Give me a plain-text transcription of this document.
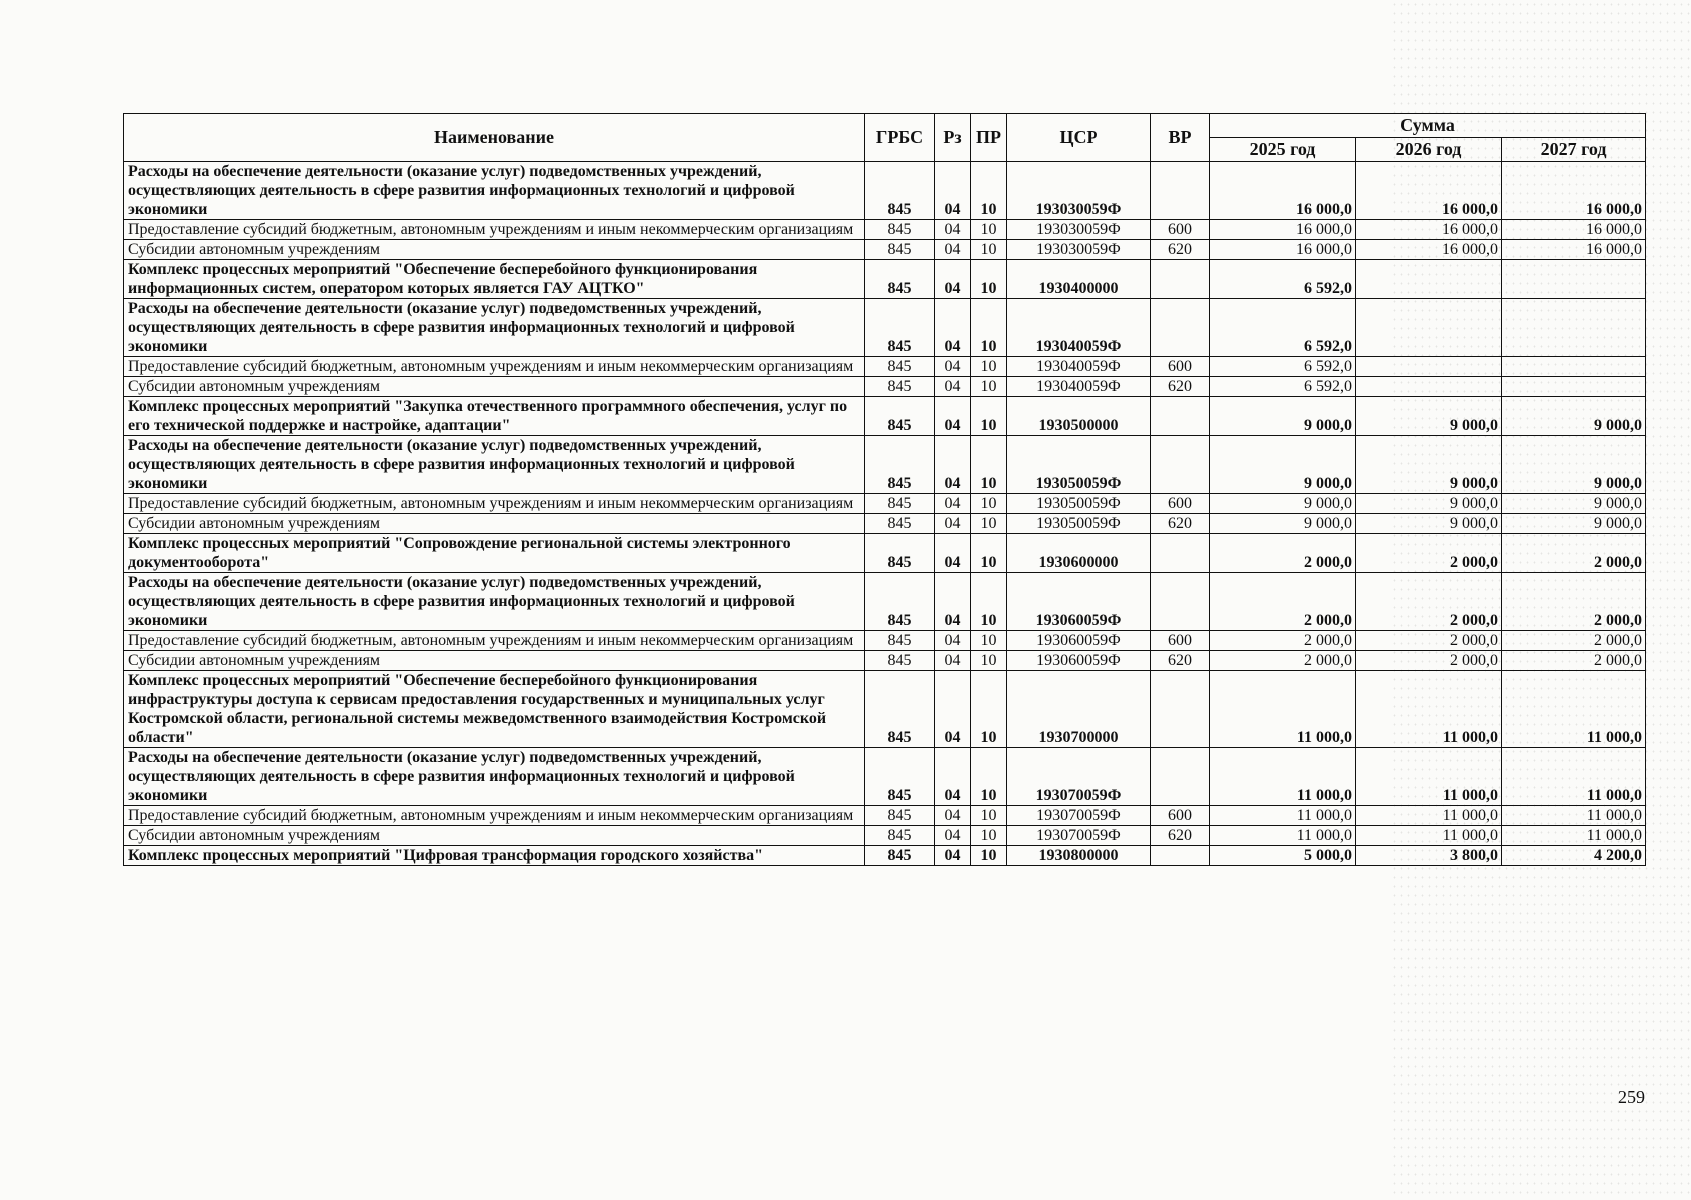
Наименование	ГРБС	Рз	ПР	ЦСР	ВР	Сумма		
						2025 год	2026 год	2027 год
Расходы на обеспечение деятельности (оказание услуг) подведомственных учреждений, осуществляющих деятельность в сфере развития информационных технологий и цифровой экономики	845	04	10	193030059Ф		16 000,0	16 000,0	16 000,0
Предоставление субсидий бюджетным, автономным учреждениям и иным некоммерческим организациям	845	04	10	193030059Ф	600	16 000,0	16 000,0	16 000,0
Субсидии автономным учреждениям	845	04	10	193030059Ф	620	16 000,0	16 000,0	16 000,0
Комплекс процессных мероприятий "Обеспечение бесперебойного функционирования информационных систем, оператором которых является ГАУ АЦТКО"	845	04	10	1930400000		6 592,0		
Расходы на обеспечение деятельности (оказание услуг) подведомственных учреждений, осуществляющих деятельность в сфере развития информационных технологий и цифровой экономики	845	04	10	193040059Ф		6 592,0		
Предоставление субсидий бюджетным, автономным учреждениям и иным некоммерческим организациям	845	04	10	193040059Ф	600	6 592,0		
Субсидии автономным учреждениям	845	04	10	193040059Ф	620	6 592,0		
Комплекс процессных мероприятий "Закупка отечественного программного обеспечения, услуг по его технической поддержке и настройке, адаптации"	845	04	10	1930500000		9 000,0	9 000,0	9 000,0
Расходы на обеспечение деятельности (оказание услуг) подведомственных учреждений, осуществляющих деятельность в сфере развития информационных технологий и цифровой экономики	845	04	10	193050059Ф		9 000,0	9 000,0	9 000,0
Предоставление субсидий бюджетным, автономным учреждениям и иным некоммерческим организациям	845	04	10	193050059Ф	600	9 000,0	9 000,0	9 000,0
Субсидии автономным учреждениям	845	04	10	193050059Ф	620	9 000,0	9 000,0	9 000,0
Комплекс процессных мероприятий "Сопровождение региональной системы электронного документооборота"	845	04	10	1930600000		2 000,0	2 000,0	2 000,0
Расходы на обеспечение деятельности (оказание услуг) подведомственных учреждений, осуществляющих деятельность в сфере развития информационных технологий и цифровой экономики	845	04	10	193060059Ф		2 000,0	2 000,0	2 000,0
Предоставление субсидий бюджетным, автономным учреждениям и иным некоммерческим организациям	845	04	10	193060059Ф	600	2 000,0	2 000,0	2 000,0
Субсидии автономным учреждениям	845	04	10	193060059Ф	620	2 000,0	2 000,0	2 000,0
Комплекс процессных мероприятий "Обеспечение бесперебойного функционирования инфраструктуры доступа к сервисам предоставления государственных и муниципальных услуг Костромской области, региональной системы межведомственного взаимодействия Костромской области"	845	04	10	1930700000		11 000,0	11 000,0	11 000,0
Расходы на обеспечение деятельности (оказание услуг) подведомственных учреждений, осуществляющих деятельность в сфере развития информационных технологий и цифровой экономики	845	04	10	193070059Ф		11 000,0	11 000,0	11 000,0
Предоставление субсидий бюджетным, автономным учреждениям и иным некоммерческим организациям	845	04	10	193070059Ф	600	11 000,0	11 000,0	11 000,0
Субсидии автономным учреждениям	845	04	10	193070059Ф	620	11 000,0	11 000,0	11 000,0
Комплекс процессных мероприятий "Цифровая трансформация городского хозяйства"	845	04	10	1930800000		5 000,0	3 800,0	4 200,0
259
